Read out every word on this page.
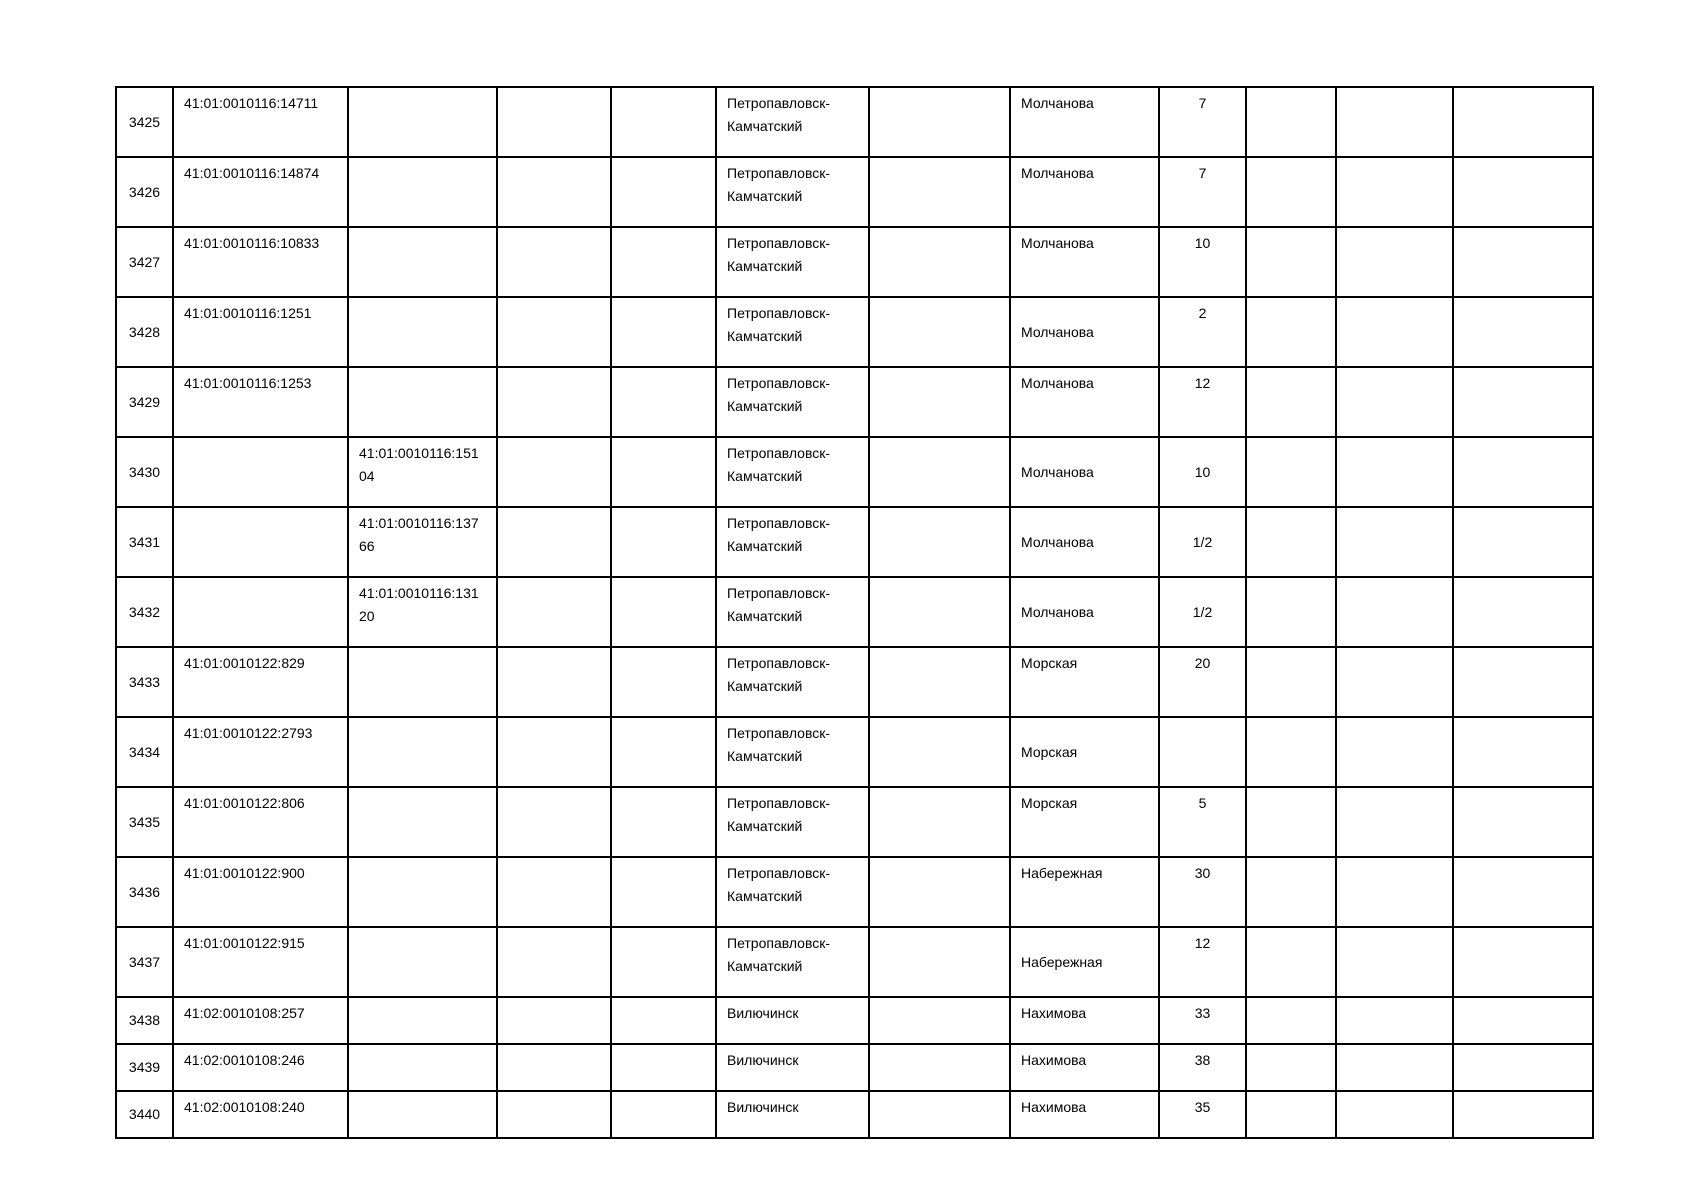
3425	41:01:0010116:14711				Петропавловск-Камчатский		Молчанова	7			
3426	41:01:0010116:14874				Петропавловск-Камчатский		Молчанова	7			
3427	41:01:0010116:10833				Петропавловск-Камчатский		Молчанова	10			
3428	41:01:0010116:1251				Петропавловск-Камчатский		Молчанова	2			
3429	41:01:0010116:1253				Петропавловск-Камчатский		Молчанова	12			
3430		41:01:0010116:15104			Петропавловск-Камчатский		Молчанова	10			
3431		41:01:0010116:13766			Петропавловск-Камчатский		Молчанова	1/2			
3432		41:01:0010116:13120			Петропавловск-Камчатский		Молчанова	1/2			
3433	41:01:0010122:829				Петропавловск-Камчатский		Морская	20			
3434	41:01:0010122:2793				Петропавловск-Камчатский		Морская				
3435	41:01:0010122:806				Петропавловск-Камчатский		Морская	5			
3436	41:01:0010122:900				Петропавловск-Камчатский		Набережная	30			
3437	41:01:0010122:915				Петропавловск-Камчатский		Набережная	12			
3438	41:02:0010108:257				Вилючинск		Нахимова	33			
3439	41:02:0010108:246				Вилючинск		Нахимова	38			
3440	41:02:0010108:240				Вилючинск		Нахимова	35			
